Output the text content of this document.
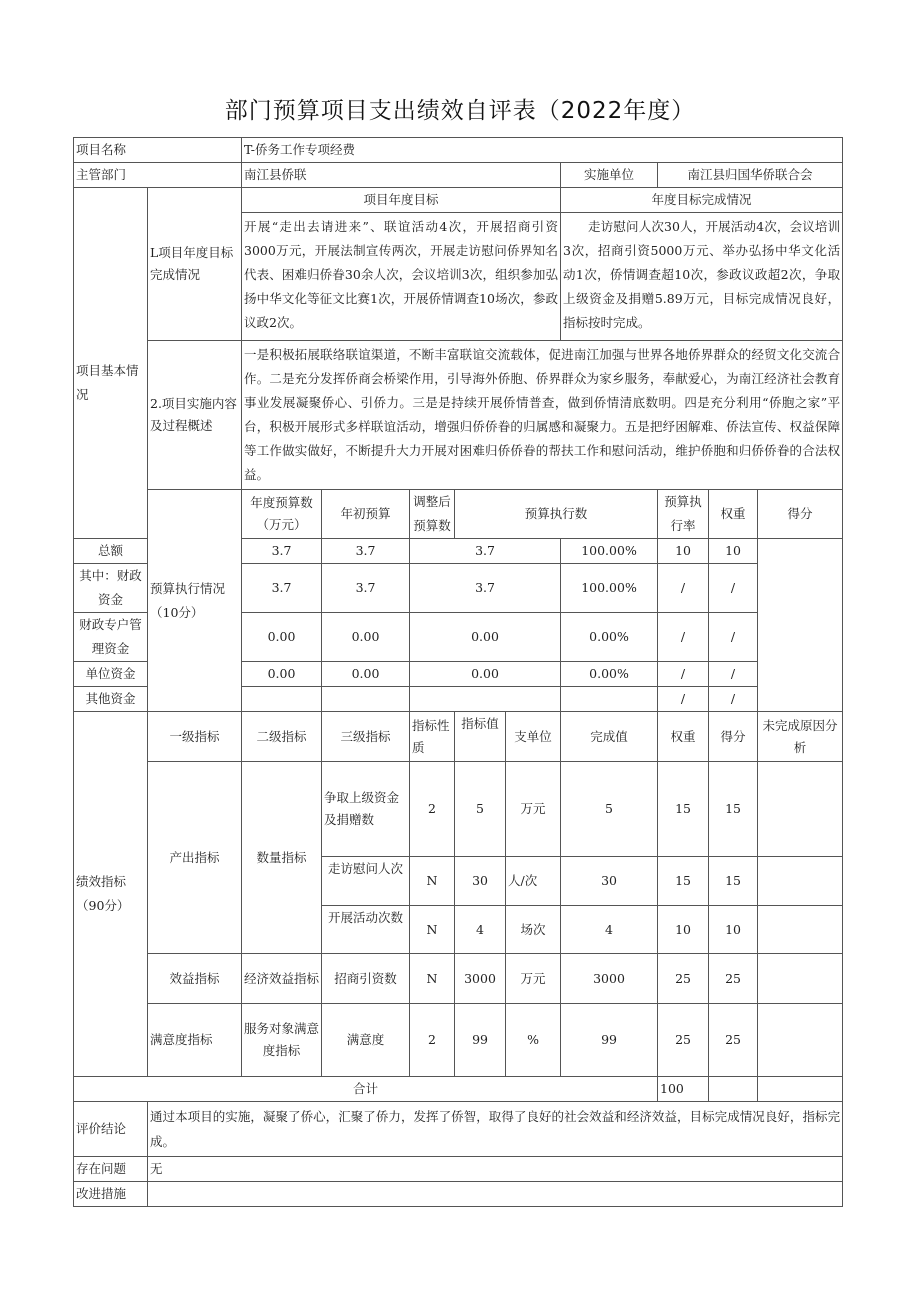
部门预算项目支出绩效自评表（2022年度）
项目名称		T-侨务工作专项经费									
主管部门		南江县侨联					实施单位	南江县归国华侨联合会			
项目基本情况	L项目年度目标完成情况	项目年度目标					年度目标完成情况				
		开展“走出去请进来”、联谊活动4次，开展招商引资3000万元，开展法制宣传两次，开展走访慰问侨界知名代表、困难归侨眷30余人次，会议培训3次，组织参加弘扬中华文化等征文比赛1次，开展侨情调查10场次，参政议政2次。					走访慰问人次30人，开展活动4次，会议培训3次，招商引资5000万元、举办弘扬中华文化活动1次，侨情调查超10次，参政议政超2次，争取上级资金及捐赠5.89万元，目标完成情况良好，指标按时完成。				
	2.项目实施内容及过程概述	一是积极拓展联络联谊渠道，不断丰富联谊交流载体，促进南江加强与世界各地侨界群众的经贸文化交流合作。二是充分发挥侨商会桥梁作用，引导海外侨胞、侨界群众为家乡服务，奉献爱心，为南江经济社会教育事业发展凝聚侨心、引侨力。三是是持续开展侨情普查，做到侨情清底数明。四是充分利用“侨胞之家”平台，积极开展形式多样联谊活动，增强归侨侨眷的归属感和凝聚力。五是把纾困解难、侨法宣传、权益保障等工作做实做好，不断提升大力开展对困难归侨侨眷的帮扶工作和慰问活动，维护侨胞和归侨侨眷的合法权益。									
	预算执行情况（10分）	年度预算数（万元）	年初预算	调整后预算数	预算执行数			预算执行率	权重	得分	
总额		3.7	3.7	3.7			100.00%	10	10		
其中：财政资金		3.7	3.7	3.7			100.00%	/	/		
财政专户管理资金		0.00	0.00	0.00			0.00%	/	/		
单位资金		0.00	0.00	0.00			0.00%	/	/		
其他资金								/	/		
绩效指标（90分）	一级指标	二级指标	三级指标	指标性质	指标值	支单位	完成值	权重	得分	未完成原因分析	
	产出指标	数量指标	争取上级资金及捐赠数	2	5	万元	5	15	15		
			走访慰问人次	N	30	人/次	30	15	15		
			开展活动次数	N	4	场次	4	10	10		
	效益指标	经济效益指标	招商引资数	N	3000	万元	3000	25	25		
	满意度指标	服务对象满意度指标	满意度	2	99	%	99	25	25		
合计								100			
评价结论	通过本项目的实施，凝聚了侨心，汇聚了侨力，发挥了侨智，取得了良好的社会效益和经济效益，目标完成情况良好，指标完成。										
存在问题	无										
改进措施											
